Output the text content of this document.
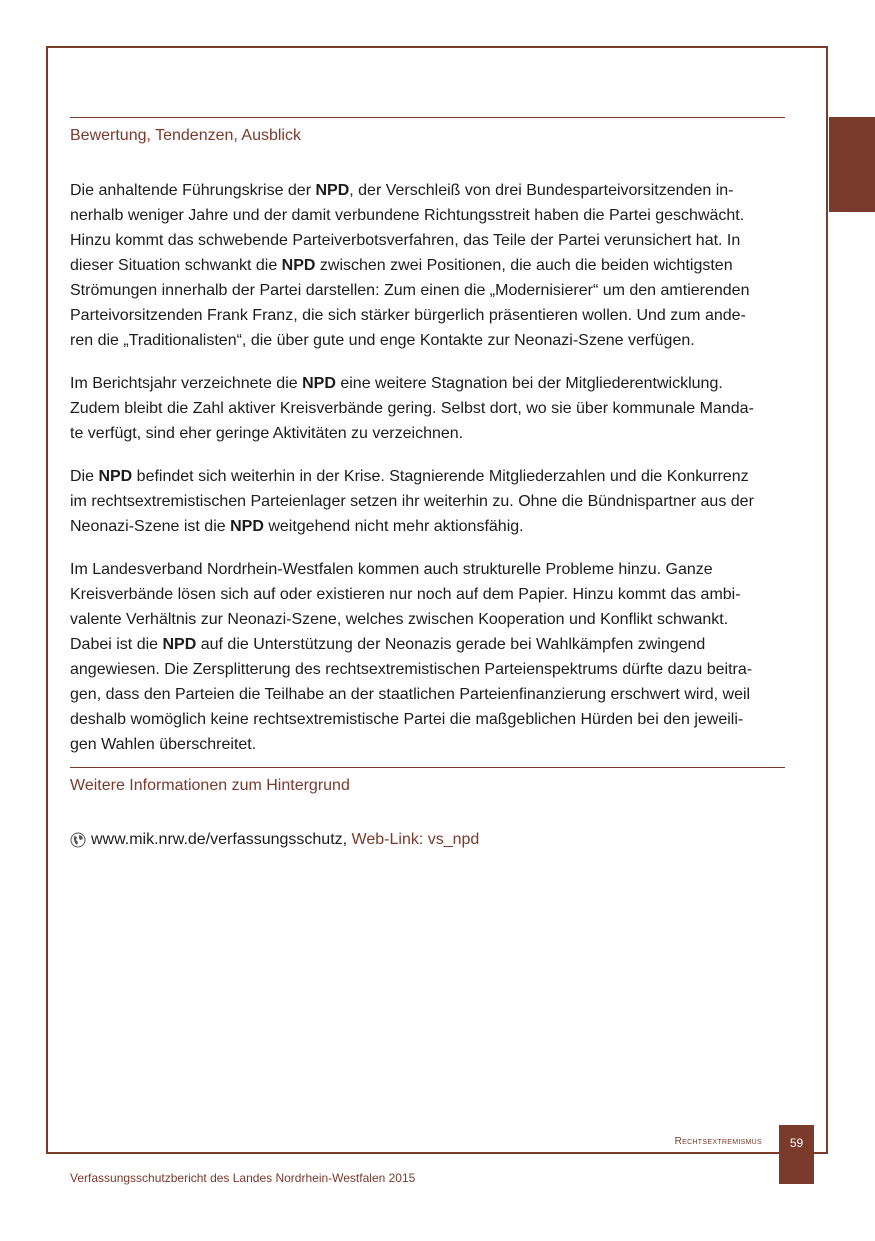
Bewertung, Tendenzen, Ausblick

Die anhaltende Führungskrise der NPD, der Verschleiß von drei Bundesparteivorsitzenden in-
nerhalb weniger Jahre und der damit verbundene Richtungsstreit haben die Partei geschwächt.
Hinzu kommt das schwebende Parteiverbotsverfahren, das Teile der Partei verunsichert hat. In
dieser Situation schwankt die NPD zwischen zwei Positionen, die auch die beiden wichtigsten
Strömungen innerhalb der Partei darstellen: Zum einen die „Modernisierer“ um den amtierenden
Parteivorsitzenden Frank Franz, die sich stärker bürgerlich präsentieren wollen. Und zum ande-
ren die „Traditionalisten“, die über gute und enge Kontakte zur Neonazi-Szene verfügen.

Im Berichtsjahr verzeichnete die NPD eine weitere Stagnation bei der Mitgliederentwicklung.
Zudem bleibt die Zahl aktiver Kreisverbände gering. Selbst dort, wo sie über kommunale Manda-
te verfügt, sind eher geringe Aktivitäten zu verzeichnen.

Die NPD befindet sich weiterhin in der Krise. Stagnierende Mitgliederzahlen und die Konkurrenz
im rechtsextremistischen Parteienlager setzen ihr weiterhin zu. Ohne die Bündnispartner aus der
Neonazi-Szene ist die NPD weitgehend nicht mehr aktionsfähig.

Im Landesverband Nordrhein-Westfalen kommen auch strukturelle Probleme hinzu. Ganze
Kreisverbände lösen sich auf oder existieren nur noch auf dem Papier. Hinzu kommt das ambi-
valente Verhältnis zur Neonazi-Szene, welches zwischen Kooperation und Konflikt schwankt.
Dabei ist die NPD auf die Unterstützung der Neonazis gerade bei Wahlkämpfen zwingend
angewiesen. Die Zersplitterung des rechtsextremistischen Parteienspektrums dürfte dazu beitra-
gen, dass den Parteien die Teilhabe an der staatlichen Parteienfinanzierung erschwert wird, weil
deshalb womöglich keine rechtsextremistische Partei die maßgeblichen Hürden bei den jeweili-
gen Wahlen überschreitet.

Weitere Informationen zum Hintergrund
www.mik.nrw.de/verfassungsschutz,
Web-Link: vs_npd
Rechtsextremismus	59
Verfassungsschutzbericht des Landes Nordrhein-Westfalen 2015
